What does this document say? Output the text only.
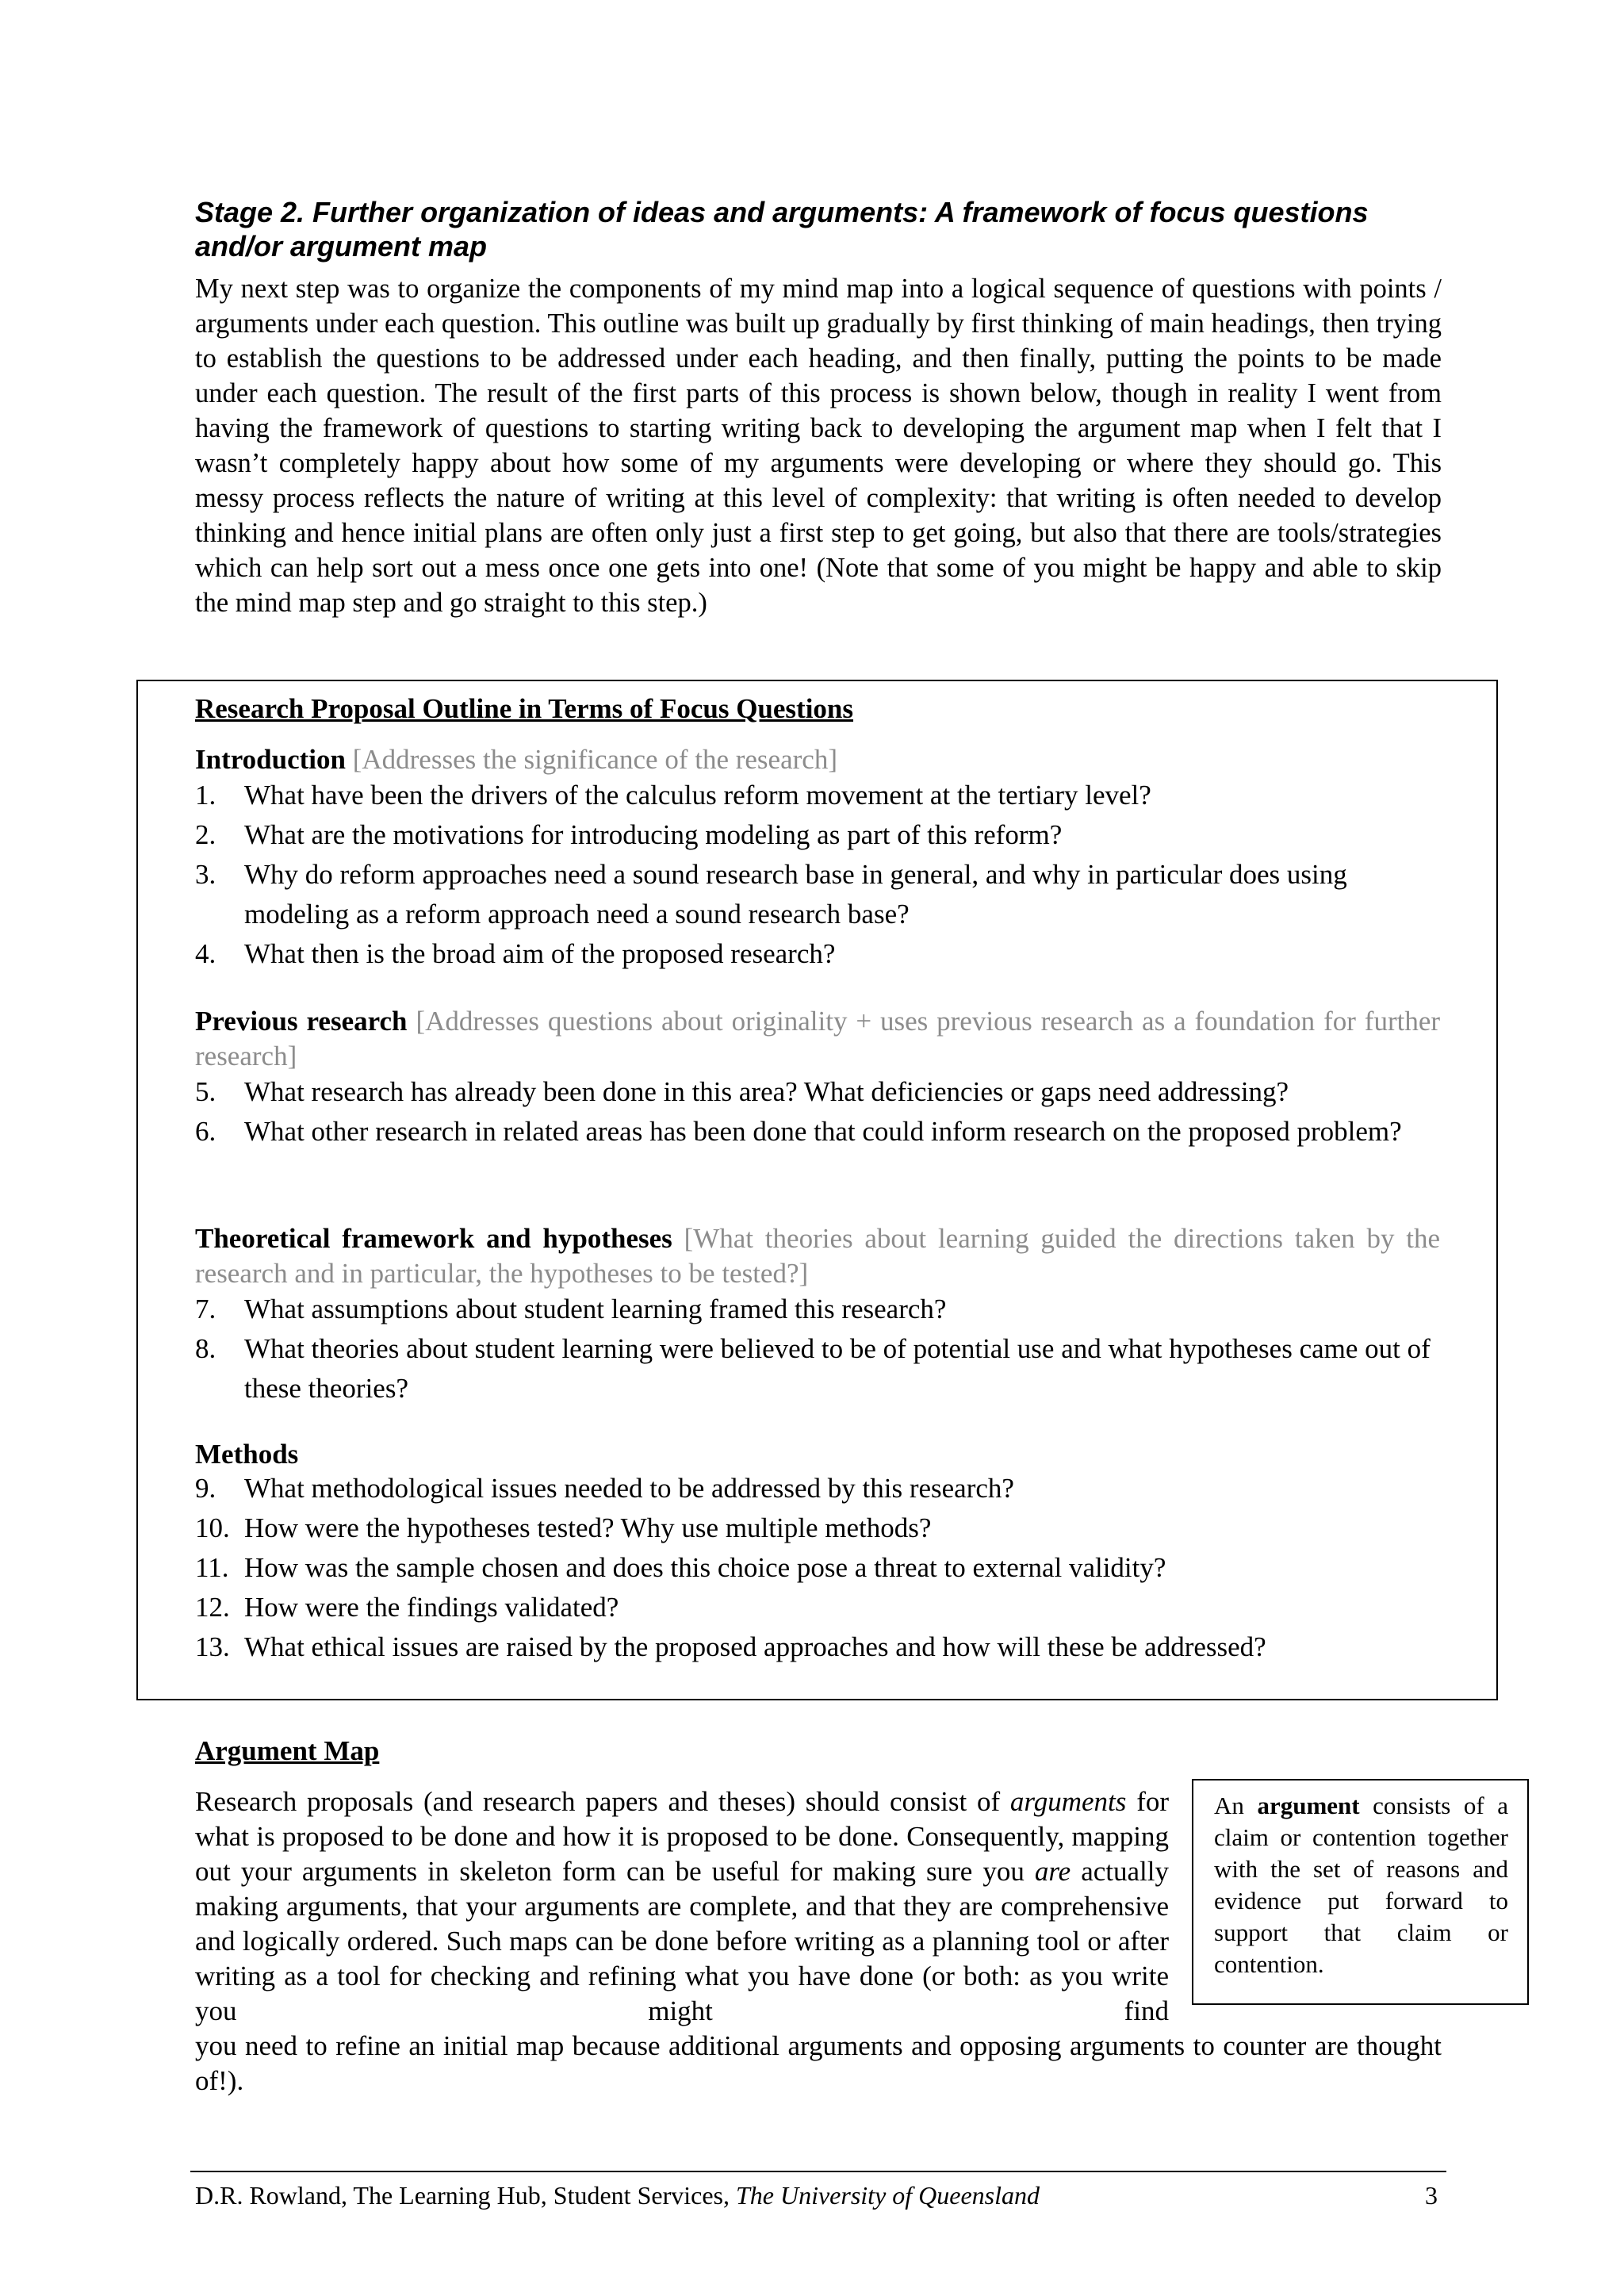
Stage 2. Further organization of ideas and arguments: A framework of focus questions and/or argument map
My next step was to organize the components of my mind map into a logical sequence of questions with points / arguments under each question. This outline was built up gradually by first thinking of main headings, then trying to establish the questions to be addressed under each heading, and then finally, putting the points to be made under each question. The result of the first parts of this process is shown below, though in reality I went from having the framework of questions to starting writing back to developing the argument map when I felt that I wasn’t completely happy about how some of my arguments were developing or where they should go. This messy process reflects the nature of writing at this level of complexity: that writing is often needed to develop thinking and hence initial plans are often only just a first step to get going, but also that there are tools/strategies which can help sort out a mess once one gets into one! (Note that some of you might be happy and able to skip the mind map step and go straight to this step.)
Research Proposal Outline in Terms of Focus Questions
Introduction [Addresses the significance of the research]
1. What have been the drivers of the calculus reform movement at the tertiary level?
2. What are the motivations for introducing modeling as part of this reform?
3. Why do reform approaches need a sound research base in general, and why in particular does using modeling as a reform approach need a sound research base?
4. What then is the broad aim of the proposed research?
Previous research [Addresses questions about originality + uses previous research as a foundation for further research]
5. What research has already been done in this area? What deficiencies or gaps need addressing?
6. What other research in related areas has been done that could inform research on the proposed problem?
Theoretical framework and hypotheses [What theories about learning guided the directions taken by the research and in particular, the hypotheses to be tested?]
7. What assumptions about student learning framed this research?
8. What theories about student learning were believed to be of potential use and what hypotheses came out of these theories?
Methods
9. What methodological issues needed to be addressed by this research?
10. How were the hypotheses tested? Why use multiple methods?
11. How was the sample chosen and does this choice pose a threat to external validity?
12. How were the findings validated?
13. What ethical issues are raised by the proposed approaches and how will these be addressed?
Argument Map
Research proposals (and research papers and theses) should consist of arguments for what is proposed to be done and how it is proposed to be done. Consequently, mapping out your arguments in skeleton form can be useful for making sure you are actually making arguments, that your arguments are complete, and that they are comprehensive and logically ordered. Such maps can be done before writing as a planning tool or after writing as a tool for checking and refining what you have done (or both: as you write you might find
you need to refine an initial map because additional arguments and opposing arguments to counter are thought of!).
An argument consists of a claim or contention together with the set of reasons and evidence put forward to support that claim or contention.
D.R. Rowland, The Learning Hub, Student Services, The University of Queensland	3
